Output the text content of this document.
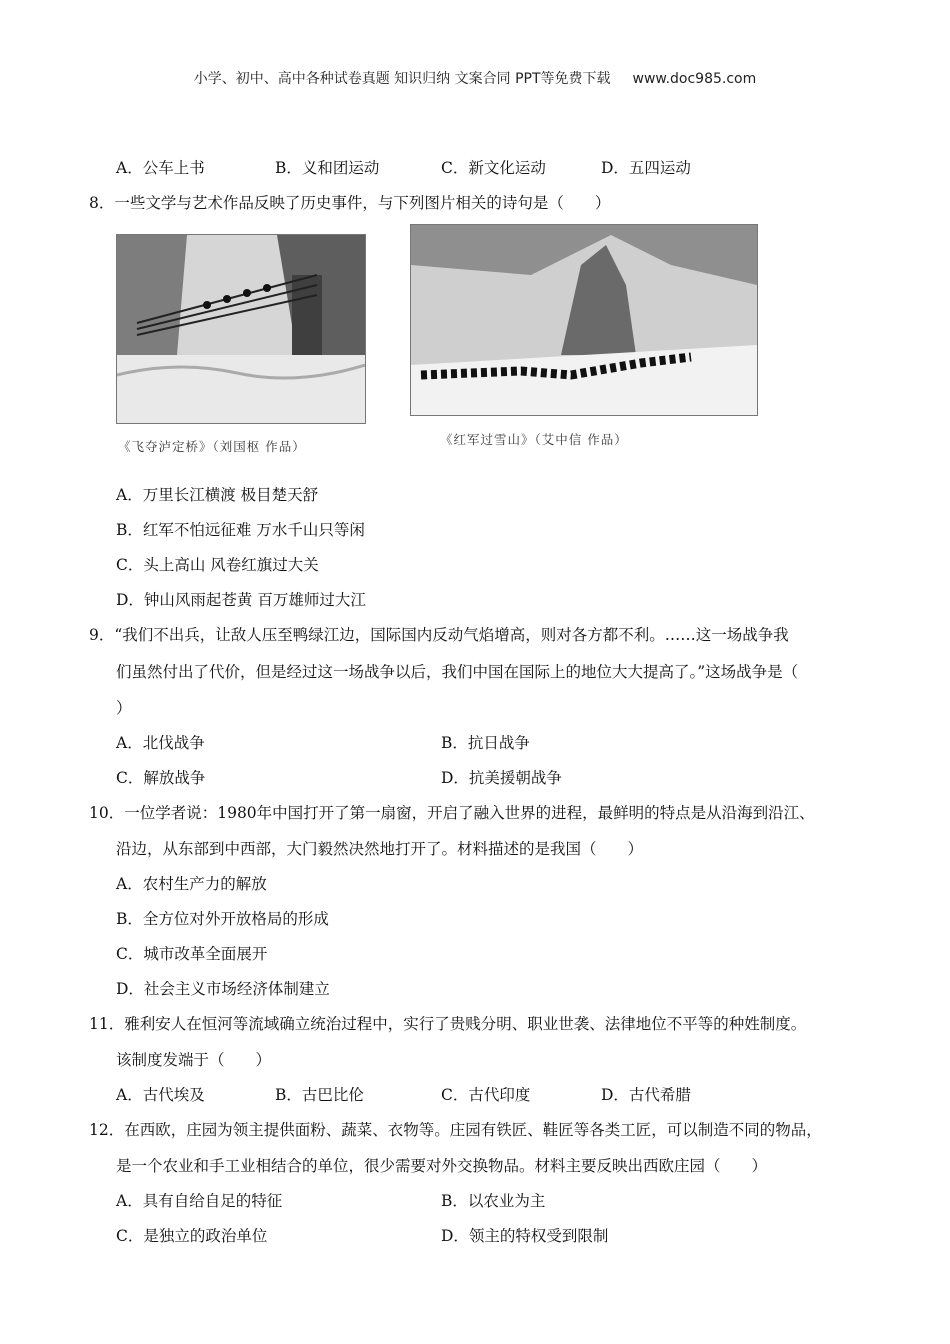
小学、初中、高中各种试卷真题 知识归纳 文案合同 PPT等免费下载 www.doc985.com
A．公车上书	B．义和团运动	C．新文化运动	D．五四运动
8．一些文学与艺术作品反映了历史事件，与下列图片相关的诗句是（　　）
《飞夺泸定桥》（刘国枢 作品）	《红军过雪山》（艾中信 作品）
A．万里长江横渡 极目楚天舒
B．红军不怕远征难 万水千山只等闲
C．头上高山 风卷红旗过大关
D．钟山风雨起苍黄 百万雄师过大江
9．“我们不出兵，让敌人压至鸭绿江边，国际国内反动气焰增高，则对各方都不利。……这一场战争我
们虽然付出了代价，但是经过这一场战争以后，我们中国在国际上的地位大大提高了。”这场战争是（
）
A．北伐战争	B．抗日战争
C．解放战争	D．抗美援朝战争
10．一位学者说：1980年中国打开了第一扇窗，开启了融入世界的进程，最鲜明的特点是从沿海到沿江、
沿边，从东部到中西部，大门毅然决然地打开了。材料描述的是我国（　　）
A．农村生产力的解放
B．全方位对外开放格局的形成
C．城市改革全面展开
D．社会主义市场经济体制建立
11．雅利安人在恒河等流域确立统治过程中，实行了贵贱分明、职业世袭、法律地位不平等的种姓制度。
该制度发端于（　　）
A．古代埃及	B．古巴比伦	C．古代印度	D．古代希腊
12．在西欧，庄园为领主提供面粉、蔬菜、衣物等。庄园有铁匠、鞋匠等各类工匠，可以制造不同的物品，
是一个农业和手工业相结合的单位，很少需要对外交换物品。材料主要反映出西欧庄园（　　）
A．具有自给自足的特征	B．以农业为主
C．是独立的政治单位	D．领主的特权受到限制
